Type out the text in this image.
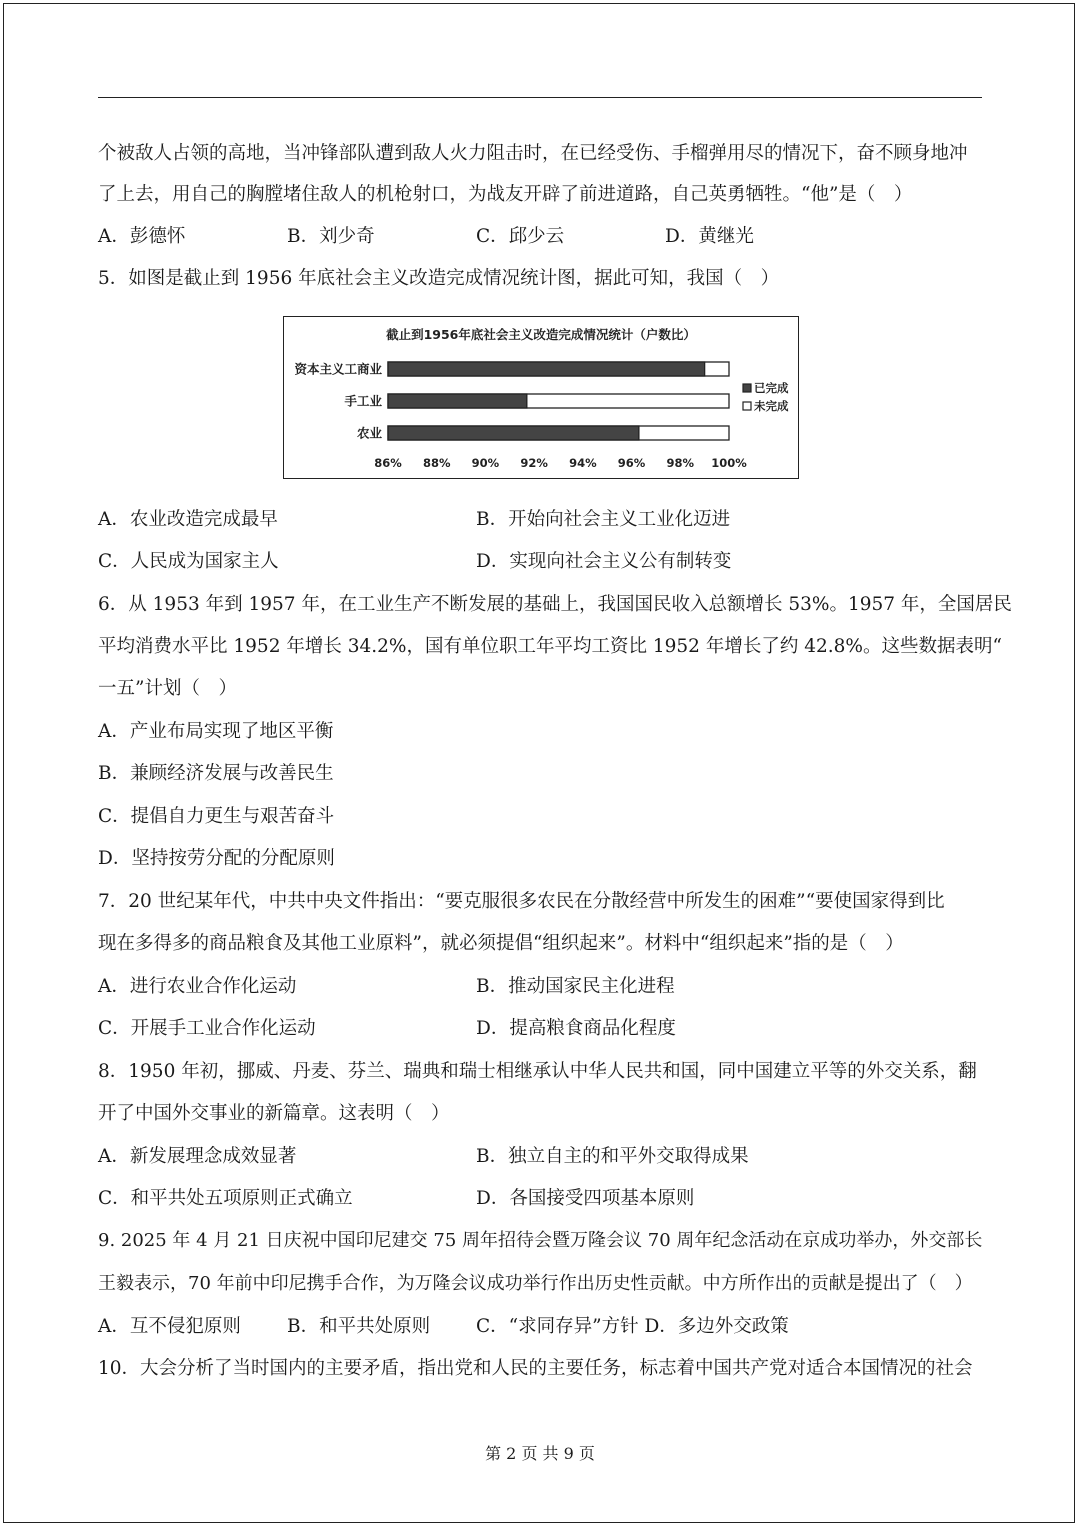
个被敌人占领的高地，当冲锋部队遭到敌人火力阻击时，在已经受伤、手榴弹用尽的情况下，奋不顾身地冲
了上去，用自己的胸膛堵住敌人的机枪射口，为战友开辟了前进道路，自己英勇牺牲。“他”是（　）
A．彭德怀	B．刘少奇	C．邱少云	D．黄继光
5．如图是截止到 1956 年底社会主义改造完成情况统计图，据此可知，我国（　）
截止到1956年底社会主义改造完成情况统计（户数比）
资本主义工商业
手工业
农业
86% 88% 90% 92% 94% 96% 98% 100%
已完成
未完成
A．农业改造完成最早	B．开始向社会主义工业化迈进
C．人民成为国家主人	D．实现向社会主义公有制转变
6．从 1953 年到 1957 年，在工业生产不断发展的基础上，我国国民收入总额增长 53%。1957 年，全国居民
平均消费水平比 1952 年增长 34.2%，国有单位职工年平均工资比 1952 年增长了约 42.8%。这些数据表明“
一五”计划（　）
A．产业布局实现了地区平衡
B．兼顾经济发展与改善民生
C．提倡自力更生与艰苦奋斗
D．坚持按劳分配的分配原则
7．20 世纪某年代，中共中央文件指出：“要克服很多农民在分散经营中所发生的困难”“要使国家得到比
现在多得多的商品粮食及其他工业原料”，就必须提倡“组织起来”。材料中“组织起来”指的是（　）
A．进行农业合作化运动	B．推动国家民主化进程
C．开展手工业合作化运动	D．提高粮食商品化程度
8．1950 年初，挪威、丹麦、芬兰、瑞典和瑞士相继承认中华人民共和国，同中国建立平等的外交关系，翻
开了中国外交事业的新篇章。这表明（　）
A．新发展理念成效显著	B．独立自主的和平外交取得成果
C．和平共处五项原则正式确立	D．各国接受四项基本原则
9. 2025 年 4 月 21 日庆祝中国印尼建交 75 周年招待会暨万隆会议 70 周年纪念活动在京成功举办，外交部长
王毅表示，70 年前中印尼携手合作，为万隆会议成功举行作出历史性贡献。中方所作出的贡献是提出了（　）
A．互不侵犯原则 B．和平共处原则 C．“求同存异”方针 D．多边外交政策
10．大会分析了当时国内的主要矛盾，指出党和人民的主要任务，标志着中国共产党对适合本国情况的社会
第 2 页 共 9 页
